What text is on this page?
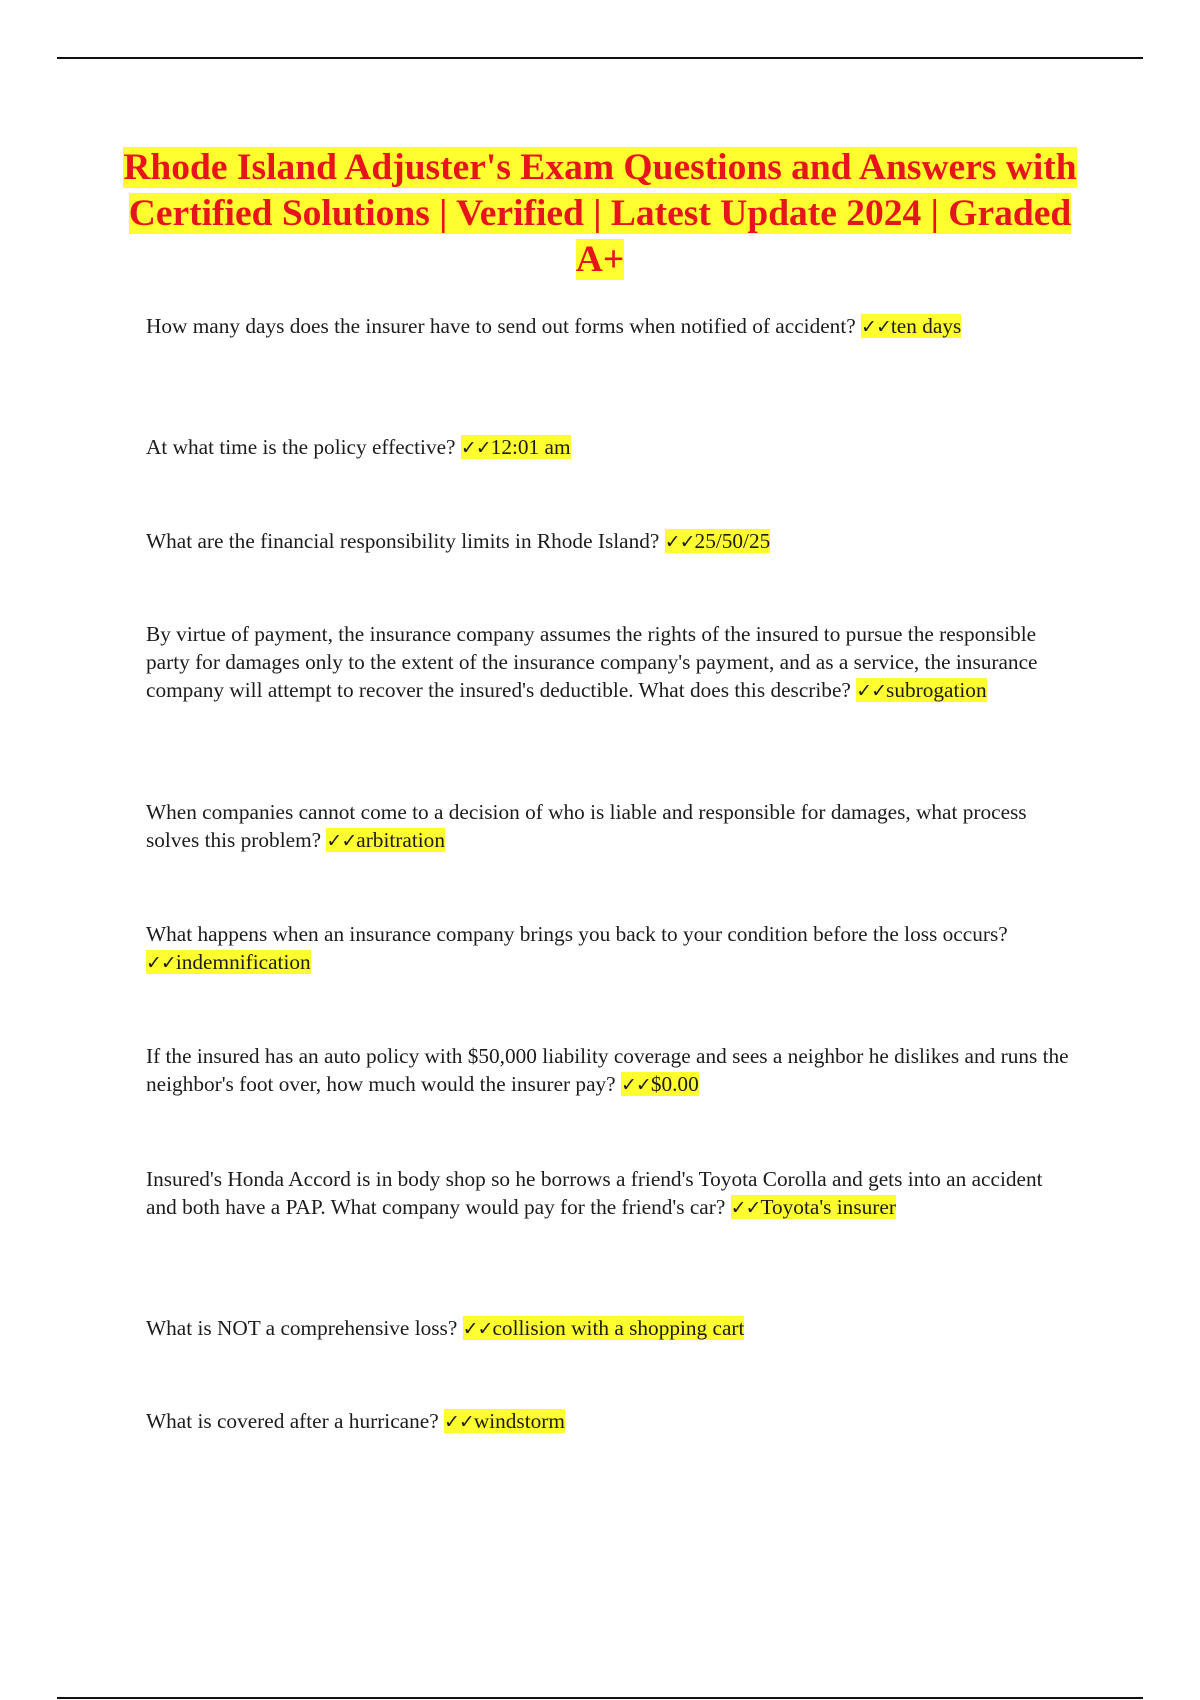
Rhode Island Adjuster's Exam Questions and Answers with Certified Solutions | Verified | Latest Update 2024 | Graded A+

How many days does the insurer have to send out forms when notified of accident? ✓✓ten days

At what time is the policy effective? ✓✓12:01 am

What are the financial responsibility limits in Rhode Island? ✓✓25/50/25

By virtue of payment, the insurance company assumes the rights of the insured to pursue the responsible party for damages only to the extent of the insurance company's payment, and as a service, the insurance company will attempt to recover the insured's deductible. What does this describe? ✓✓subrogation

When companies cannot come to a decision of who is liable and responsible for damages, what process solves this problem? ✓✓arbitration

What happens when an insurance company brings you back to your condition before the loss occurs? ✓✓indemnification

If the insured has an auto policy with $50,000 liability coverage and sees a neighbor he dislikes and runs the neighbor's foot over, how much would the insurer pay? ✓✓$0.00

Insured's Honda Accord is in body shop so he borrows a friend's Toyota Corolla and gets into an accident and both have a PAP. What company would pay for the friend's car? ✓✓Toyota's insurer

What is NOT a comprehensive loss? ✓✓collision with a shopping cart

What is covered after a hurricane? ✓✓windstorm
